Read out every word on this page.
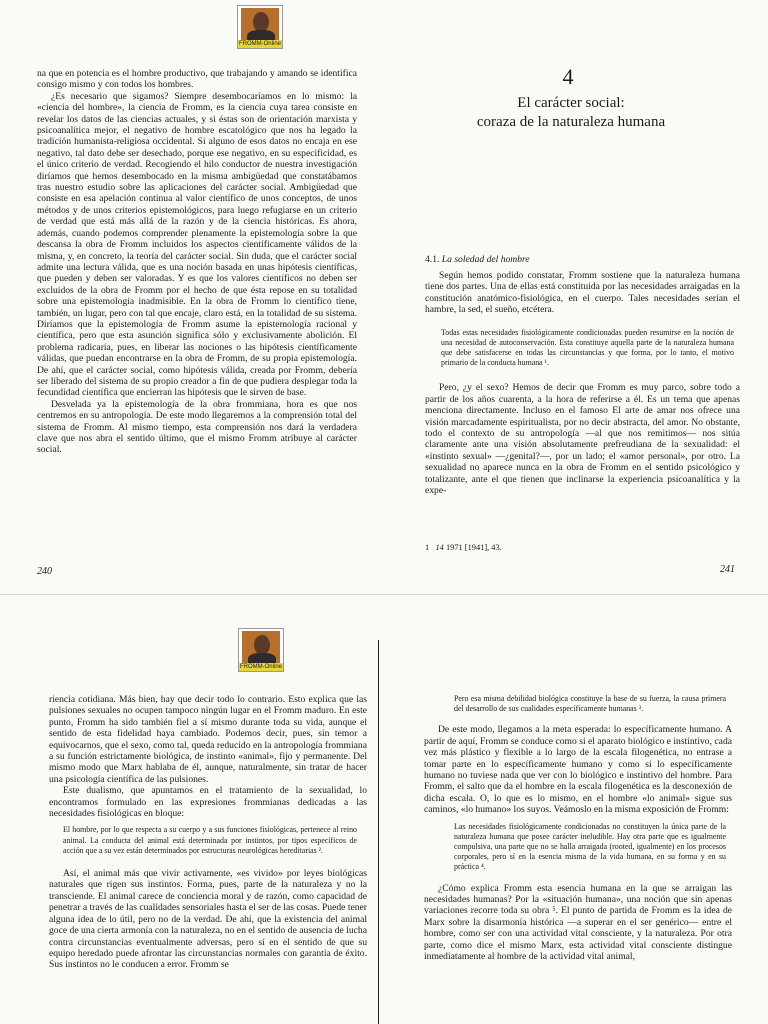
FROMM-Online

na que en potencia es el hombre productivo, que trabajando y amando se identifica consigo mismo y con todos los hombres.

¿Es necesario que sigamos? Siempre desembocaríamos en lo mismo: la «ciencia del hombre», la ciencia de Fromm, es la ciencia cuya tarea consiste en revelar los datos de las ciencias actuales, y si éstas son de orientación marxista y psicoanalítica mejor, el negativo de hombre escatológico que nos ha legado la tradición humanista-religiosa occidental. Si alguno de esos datos no encaja en ese negativo, tal dato debe ser desechado, porque ese negativo, en su especificidad, es el único criterio de verdad. Recogiendo el hilo conductor de nuestra investigación diríamos que hemos desembocado en la misma ambigüedad que constatábamos tras nuestro estudio sobre las aplicaciones del carácter social. Ambigüedad que consiste en esa apelación continua al valor científico de unos conceptos, de unos métodos y de unos criterios epistemológicos, para luego refugiarse en un criterio de verdad que está más allá de la razón y de la ciencia históricas. Es ahora, además, cuando podemos comprender plenamente la epistemología sobre la que descansa la obra de Fromm incluidos los aspectos científicamente válidos de la misma, y, en concreto, la teoría del carácter social. Sin duda, que el carácter social admite una lectura válida, que es una noción basada en unas hipótesis científicas, que pueden y deben ser valoradas. Y es que los valores científicos no deben ser excluidos de la obra de Fromm por el hecho de que ésta repose en su totalidad sobre una epistemología inadmisible. En la obra de Fromm lo científico tiene, también, un lugar, pero con tal que encaje, claro está, en la totalidad de su sistema. Diríamos que la epistemología de Fromm asume la epistemología racional y científica, pero que esta asunción significa sólo y exclusivamente abolición. El problema radicaría, pues, en liberar las nociones o las hipótesis científicamente válidas, que puedan encontrarse en la obra de Fromm, de su propia epistemología. De ahí, que el carácter social, como hipótesis válida, creada por Fromm, debería ser liberado del sistema de su propio creador a fin de que pudiera desplegar toda la fecundidad científica que encierran las hipótesis que le sirven de base.

Desvelada ya la epistemología de la obra frommiana, hora es que nos centremos en su antropología. De este modo llegaremos a la comprensión total del sistema de Fromm. Al mismo tiempo, esta comprensión nos dará la verdadera clave que nos abra el sentido último, que el mismo Fromm atribuye al carácter social.

240
4
El carácter social:
coraza de la naturaleza humana
4.1. La soledad del hombre

Según hemos podido constatar, Fromm sostiene que la naturaleza humana tiene dos partes. Una de ellas está constituida por las necesidades arraigadas en la constitución anatómico-fisiológica, en el cuerpo. Tales necesidades serían el hambre, la sed, el sueño, etcétera.

Todas estas necesidades fisiológicamente condicionadas pueden resumirse en la noción de una necesidad de autoconservación. Esta constituye aquella parte de la naturaleza humana que debe satisfacerse en todas las circunstancias y que forma, por lo tanto, el motivo primario de la conducta humana ¹.

Pero, ¿y el sexo? Hemos de decir que Fromm es muy parco, sobre todo a partir de los años cuarenta, a la hora de referirse a él. Es un tema que apenas menciona directamente. Incluso en el famoso El arte de amar nos ofrece una visión marcadamente espiritualista, por no decir abstracta, del amor. No obstante, todo el contexto de su antropología —al que nos remitimos— nos sitúa claramente ante una visión absolutamente prefreudiana de la sexualidad: el «instinto sexual» —¿genital?—, por un lado; el «amor personal», por otro. La sexualidad no aparece nunca en la obra de Fromm en el sentido psicológico y totalizante, ante el que tienen que inclinarse la experiencia psicoanalítica y la expe-

1 14 1971 [1941], 43.
241
FROMM-Online

riencia cotidiana. Más bien, hay que decir todo lo contrario. Esto explica que las pulsiones sexuales no ocupen tampoco ningún lugar en el Fromm maduro. En este punto, Fromm ha sido también fiel a sí mismo durante toda su vida, aunque el sentido de esta fidelidad haya cambiado. Podemos decir, pues, sin temor a equivocarnos, que el sexo, como tal, queda reducido en la antropología frommiana a su función estrictamente biológica, de instinto «animal», fijo y permanente. Del mismo modo que Marx hablaba de él, aunque, naturalmente, sin tratar de hacer una psicología científica de las pulsiones.

Este dualismo, que apuntamos en el tratamiento de la sexualidad, lo encontramos formulado en las expresiones frommianas dedicadas a las necesidades fisiológicas en bloque:

El hombre, por lo que respecta a su cuerpo y a sus funciones fisiológicas, pertenece al reino animal. La conducta del animal está determinada por instintos, por tipos específicos de acción que a su vez están determinados por estructuras neurológicas hereditarias ².

Así, el animal más que vivir activamente, «es vivido» por leyes biológicas naturales que rigen sus instintos. Forma, pues, parte de la naturaleza y no la transciende. El animal carece de conciencia moral y de razón, como capacidad de penetrar a través de las cualidades sensoriales hasta el ser de las cosas. Puede tener alguna idea de lo útil, pero no de la verdad. De ahí, que la existencia del animal goce de una cierta armonía con la naturaleza, no en el sentido de ausencia de lucha contra circunstancias eventualmente adversas, pero sí en el sentido de que su equipo heredado puede afrontar las circunstancias normales con garantía de éxito. Sus instintos no le conducen a error. Fromm se

Pero esa misma debilidad biológica constituye la base de su fuerza, la causa primera del desarrollo de sus cualidades específicamente humanas ³.

De este modo, llegamos a la meta esperada: lo específicamente humano. A partir de aquí, Fromm se conduce como si el aparato biológico e instintivo, cada vez más plástico y flexible a lo largo de la escala filogenética, no entrase a tomar parte en lo específicamente humano y como si lo específicamente humano no tuviese nada que ver con lo biológico e instintivo del hombre. Para Fromm, el salto que da el hombre en la escala filogenética es la desconexión de dicha escala. O, lo que es lo mismo, en el hombre «lo animal» sigue sus caminos, «lo humano» los suyos. Veámoslo en la misma exposición de Fromm:

Las necesidades fisiológicamente condicionadas no constituyen la única parte de la naturaleza humana que posee carácter ineludible. Hay otra parte que es igualmente compulsiva, una parte que no se halla arraigada (rooted, igualmente) en los procesos corporales, pero sí en la esencia misma de la vida humana, en su forma y en su práctica ⁴.

¿Cómo explica Fromm esta esencia humana en la que se arraigan las necesidades humanas? Por la «situación humana», una noción que sin apenas variaciones recorre toda su obra ⁵. El punto de partida de Fromm es la idea de Marx sobre la disarmonía histórica —a superar en el ser genérico— entre el hombre, como ser con una actividad vital consciente, y la naturaleza. Por otra parte, como dice el mismo Marx, esta actividad vital consciente distingue inmediatamente al hombre de la actividad vital animal,
